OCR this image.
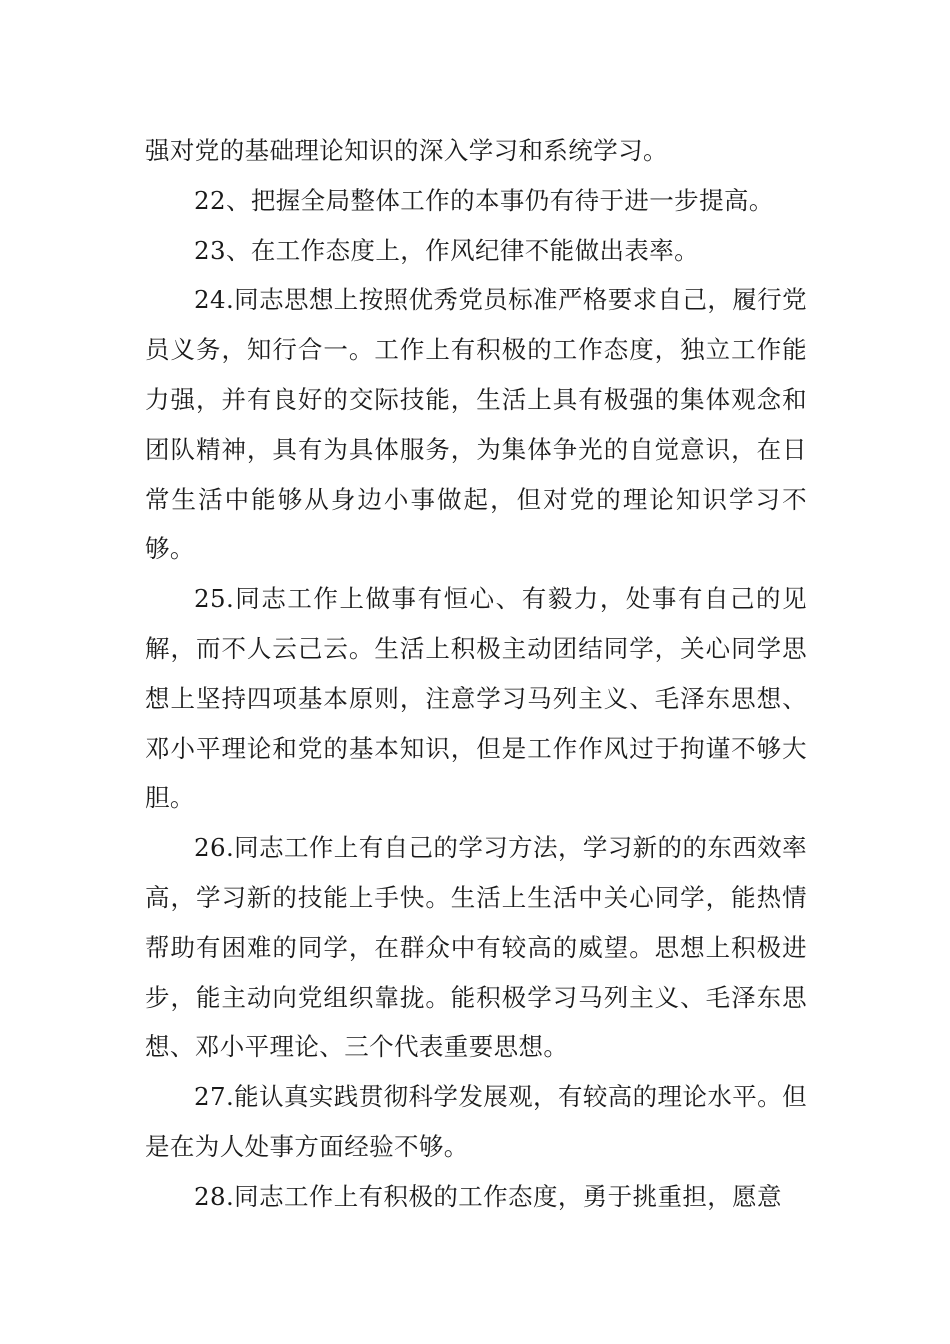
强对党的基础理论知识的深入学习和系统学习。

22、把握全局整体工作的本事仍有待于进一步提高。

23、在工作态度上，作风纪律不能做出表率。

24.同志思想上按照优秀党员标准严格要求自己，履行党员义务，知行合一。工作上有积极的工作态度，独立工作能力强，并有良好的交际技能，生活上具有极强的集体观念和团队精神，具有为具体服务，为集体争光的自觉意识，在日常生活中能够从身边小事做起，但对党的理论知识学习不够。

25.同志工作上做事有恒心、有毅力，处事有自己的见解，而不人云己云。生活上积极主动团结同学，关心同学思想上坚持四项基本原则，注意学习马列主义、毛泽东思想、邓小平理论和党的基本知识，但是工作作风过于拘谨不够大胆。

26.同志工作上有自己的学习方法，学习新的的东西效率高，学习新的技能上手快。生活上生活中关心同学，能热情帮助有困难的同学，在群众中有较高的威望。思想上积极进步，能主动向党组织靠拢。能积极学习马列主义、毛泽东思想、邓小平理论、三个代表重要思想。

27.能认真实践贯彻科学发展观，有较高的理论水平。但是在为人处事方面经验不够。

28.同志工作上有积极的工作态度，勇于挑重担，愿意
